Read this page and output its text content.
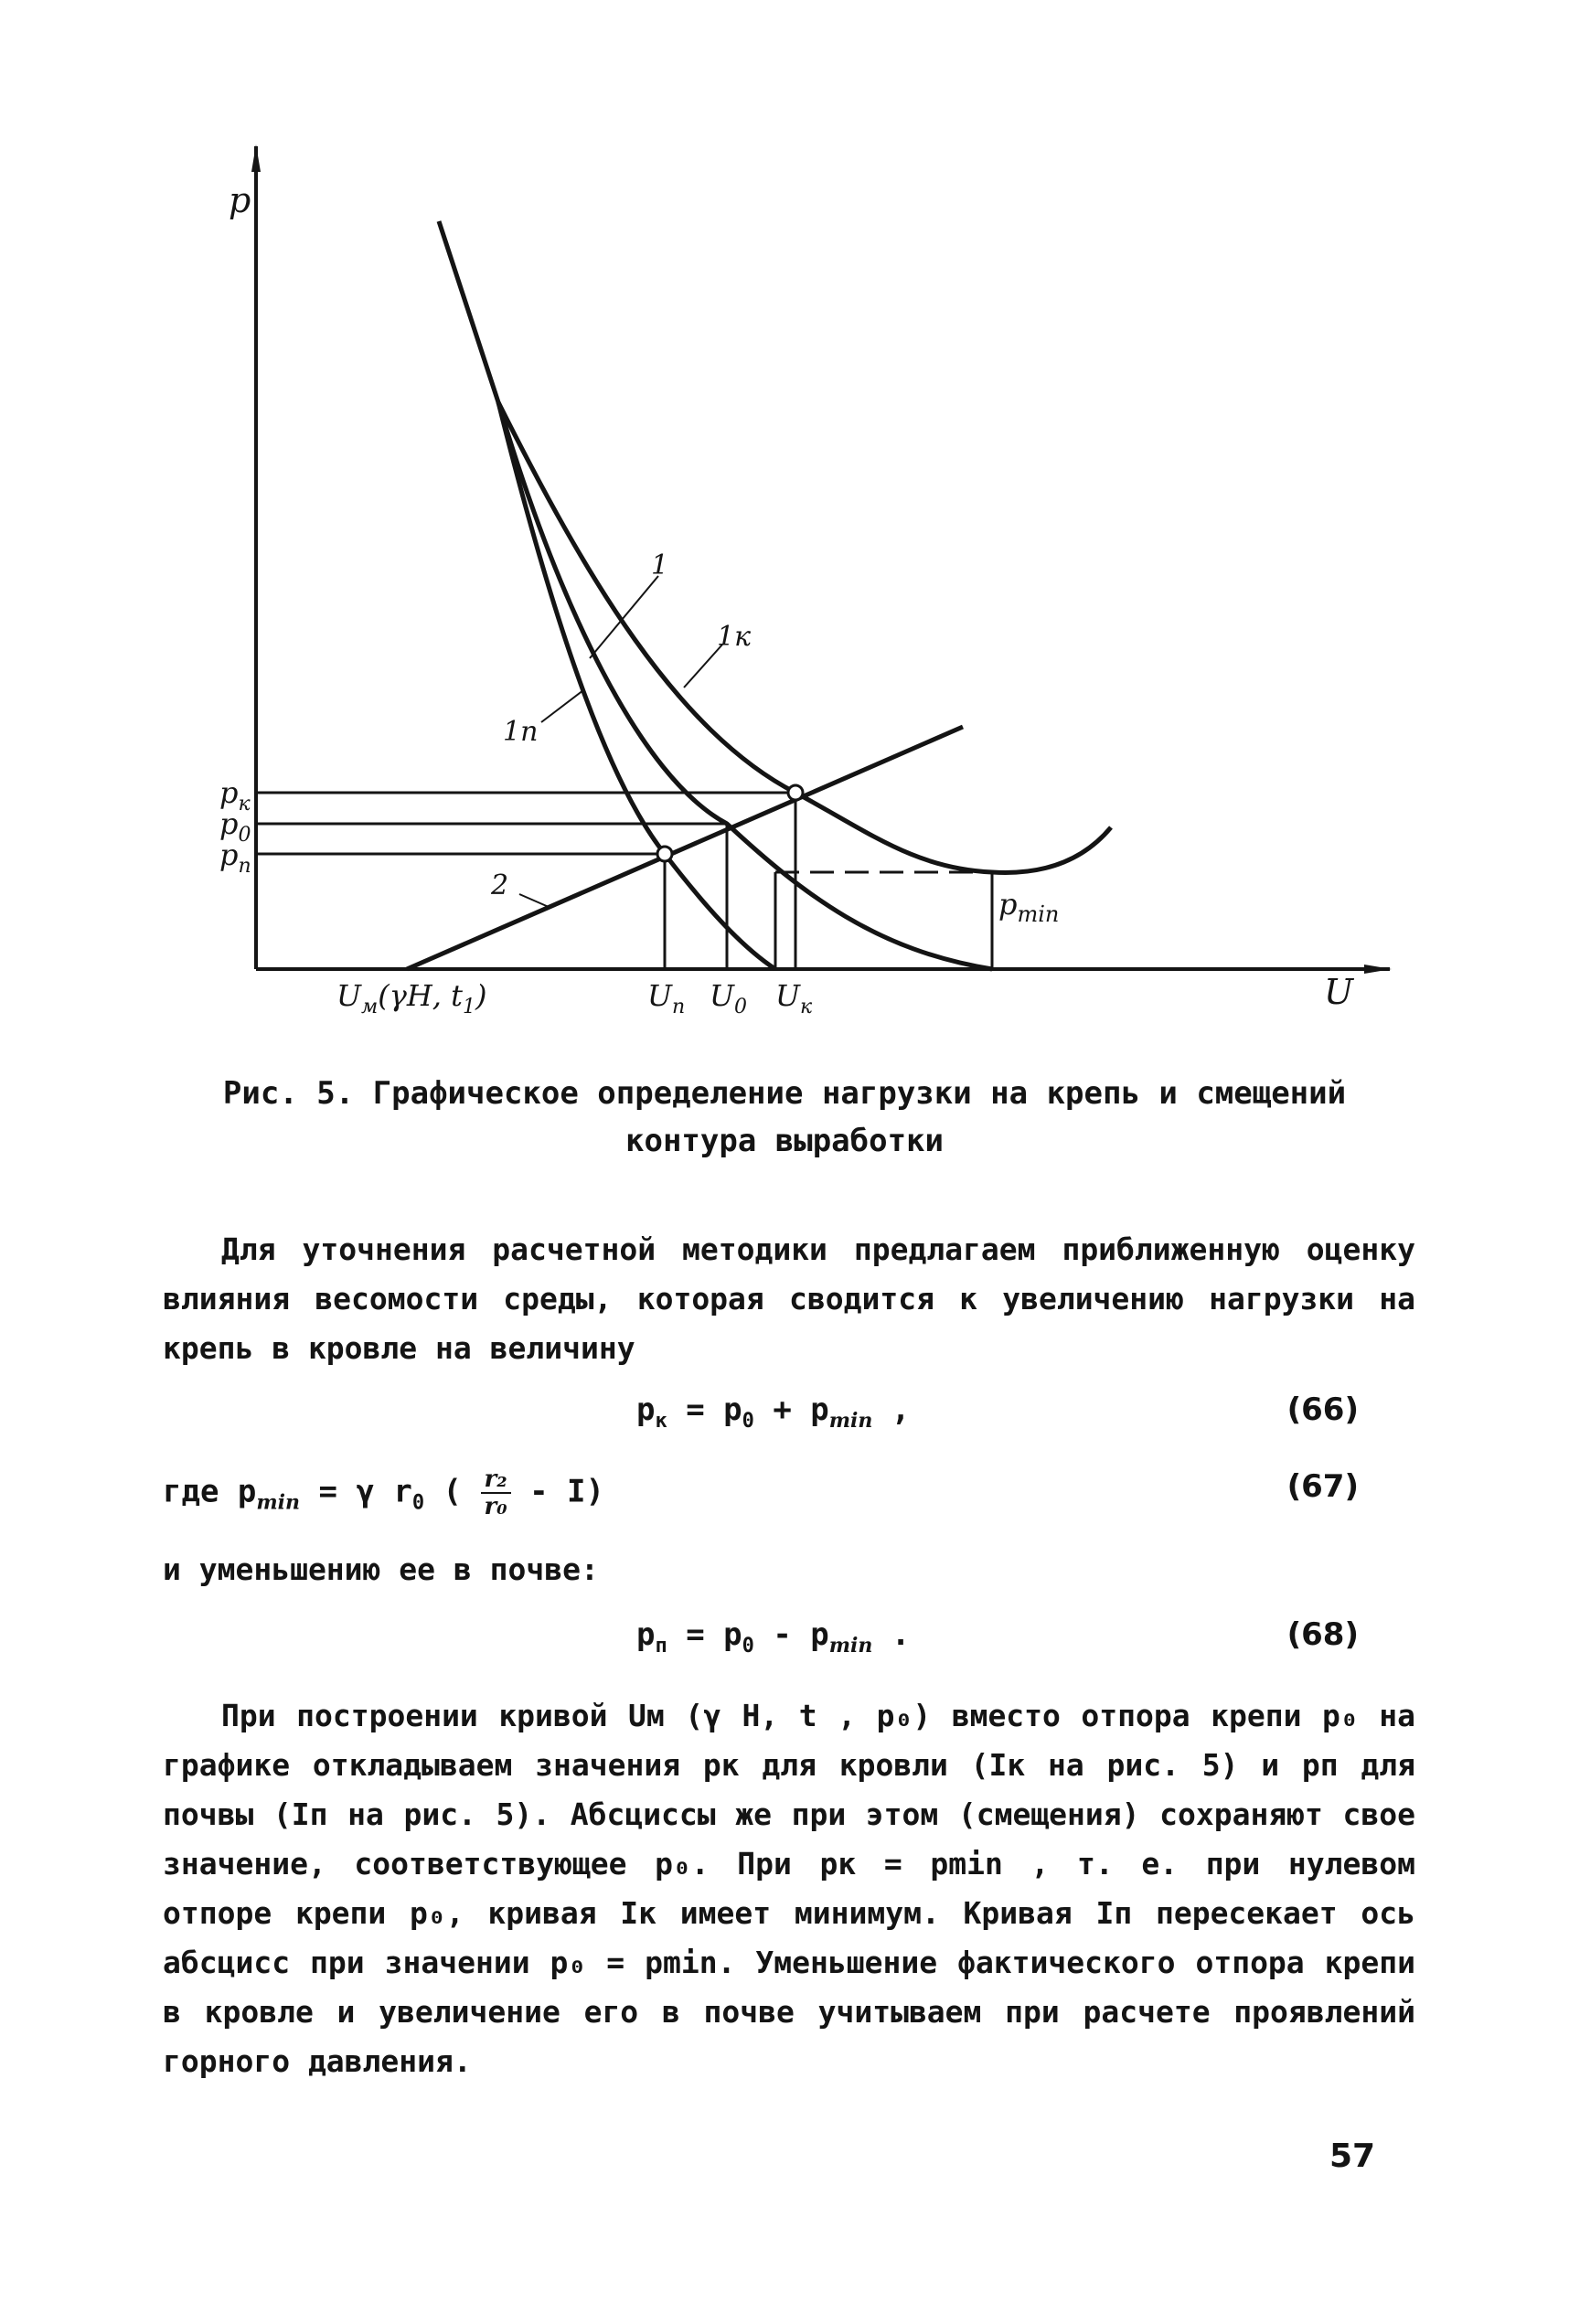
p
U
$p_к$
$p_0$
$p_п$
$U_м(\gamma H$, $t_1$)	$U_п$ $U_0$ $U_к$
$p_{min}$
1
1к
1п
2
Рис. 5. Графическое определение нагрузки на крепь и смещений
контура выработки

Для уточнения расчетной методики предлагаем приближенную оценку влияния весомости среды, которая сводится к увеличению нагрузки на крепь в кровле на величину

$p_к = p_0 + p_{min}$ ,	(66)
где $p_{min} = \gamma$ $r_0$ ( $\frac{\text{r₂}}{\text{r₀}} - I$)	(67)

и уменьшению ее в почве:

$p_п = p_0 - p_{min}$ .	(68)

При построении кривой Uм (γ H, t , p₀) вместо отпора крепи p₀ на графике откладываем значения pк для кровли (Iк на рис. 5) и pп для почвы (Iп на рис. 5). Абсциссы же при этом (смещения) сохраняют свое значение, соответствующее p₀. При pк = pmin , т. е. при нулевом отпоре крепи p₀, кривая Iк имеет минимум. Кривая Iп пересекает ось абсцисс при значении p₀ = pmin. Уменьшение фактического отпора крепи в кровле и увеличение его в почве учитываем при расчете проявлений горного давления.

57
